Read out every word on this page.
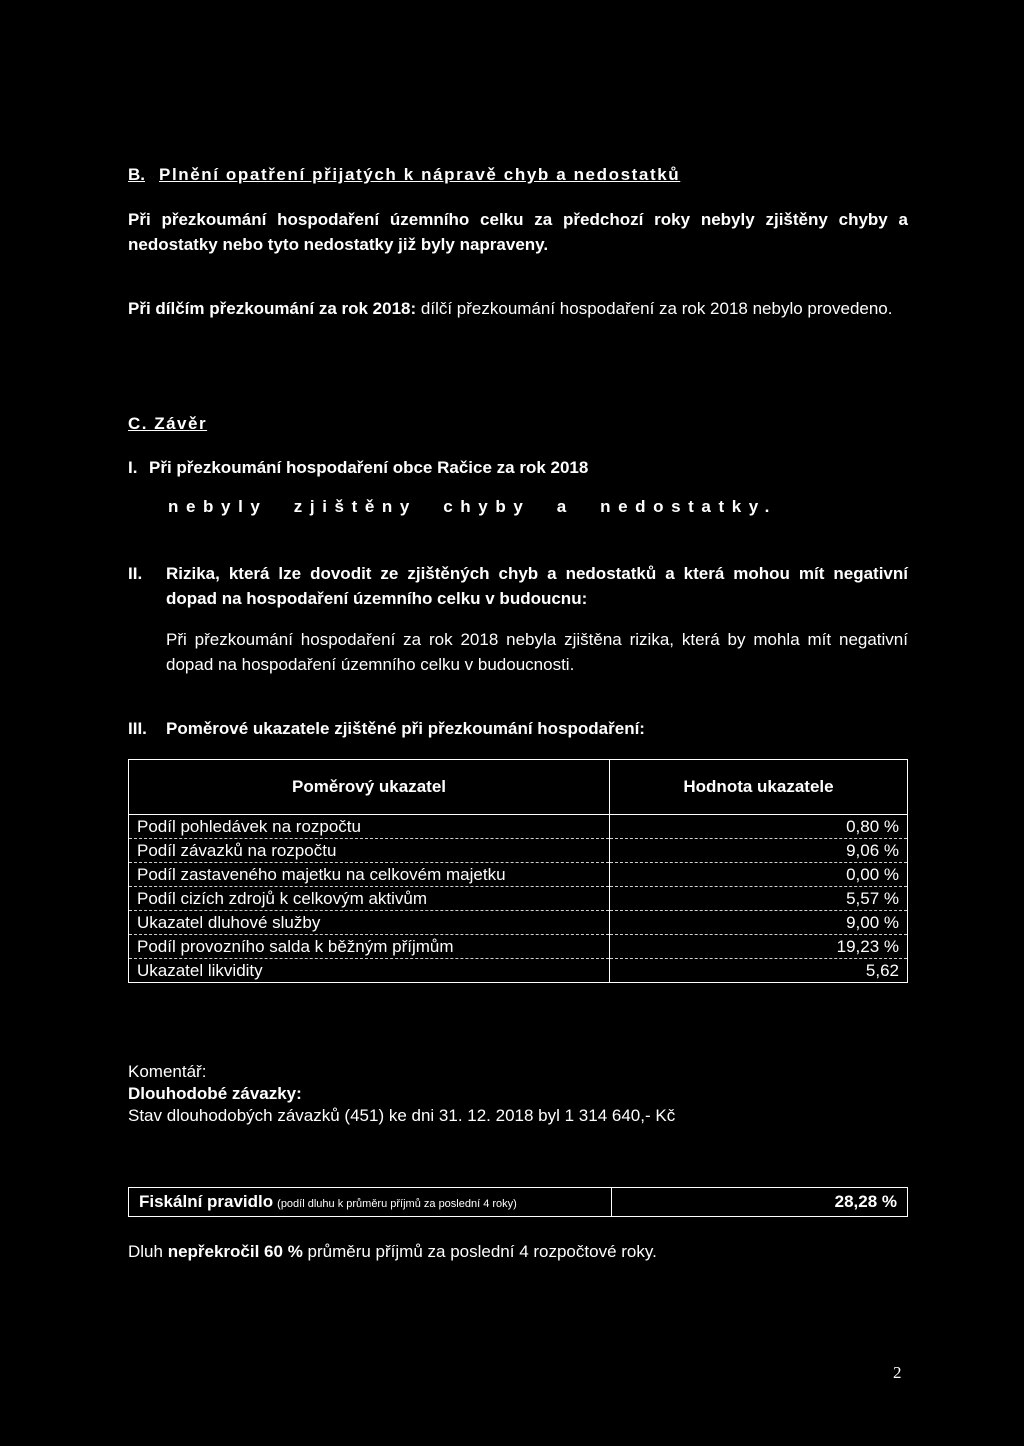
B. Plnění opatření přijatých k nápravě chyb a nedostatků
Při přezkoumání hospodaření územního celku za předchozí roky nebyly zjištěny chyby a nedostatky nebo tyto nedostatky již byly napraveny.
Při dílčím přezkoumání za rok 2018: dílčí přezkoumání hospodaření za rok 2018 nebylo provedeno.
C. Závěr
I. Při přezkoumání hospodaření obce Račice za rok 2018
nebyly zjištěny chyby a nedostatky.
II. Rizika, která lze dovodit ze zjištěných chyb a nedostatků a která mohou mít negativní dopad na hospodaření územního celku v budoucnu:
Při přezkoumání hospodaření za rok 2018 nebyla zjištěna rizika, která by mohla mít negativní dopad na hospodaření územního celku v budoucnosti.
III. Poměrové ukazatele zjištěné při přezkoumání hospodaření:
Poměrový ukazatel	Hodnota ukazatele
Podíl pohledávek na rozpočtu	0,80 %
Podíl závazků na rozpočtu	9,06 %
Podíl zastaveného majetku na celkovém majetku	0,00 %
Podíl cizích zdrojů k celkovým aktivům	5,57 %
Ukazatel dluhové služby	9,00 %
Podíl provozního salda k běžným příjmům	19,23 %
Ukazatel likvidity	5,62
Komentář:
Dlouhodobé závazky:
Stav dlouhodobých závazků (451) ke dni 31. 12. 2018 byl 1 314 640,- Kč
Fiskální pravidlo (podíl dluhu k průměru příjmů za poslední 4 roky)	28,28 %
Dluh nepřekročil 60 % průměru příjmů za poslední 4 rozpočtové roky.
2
